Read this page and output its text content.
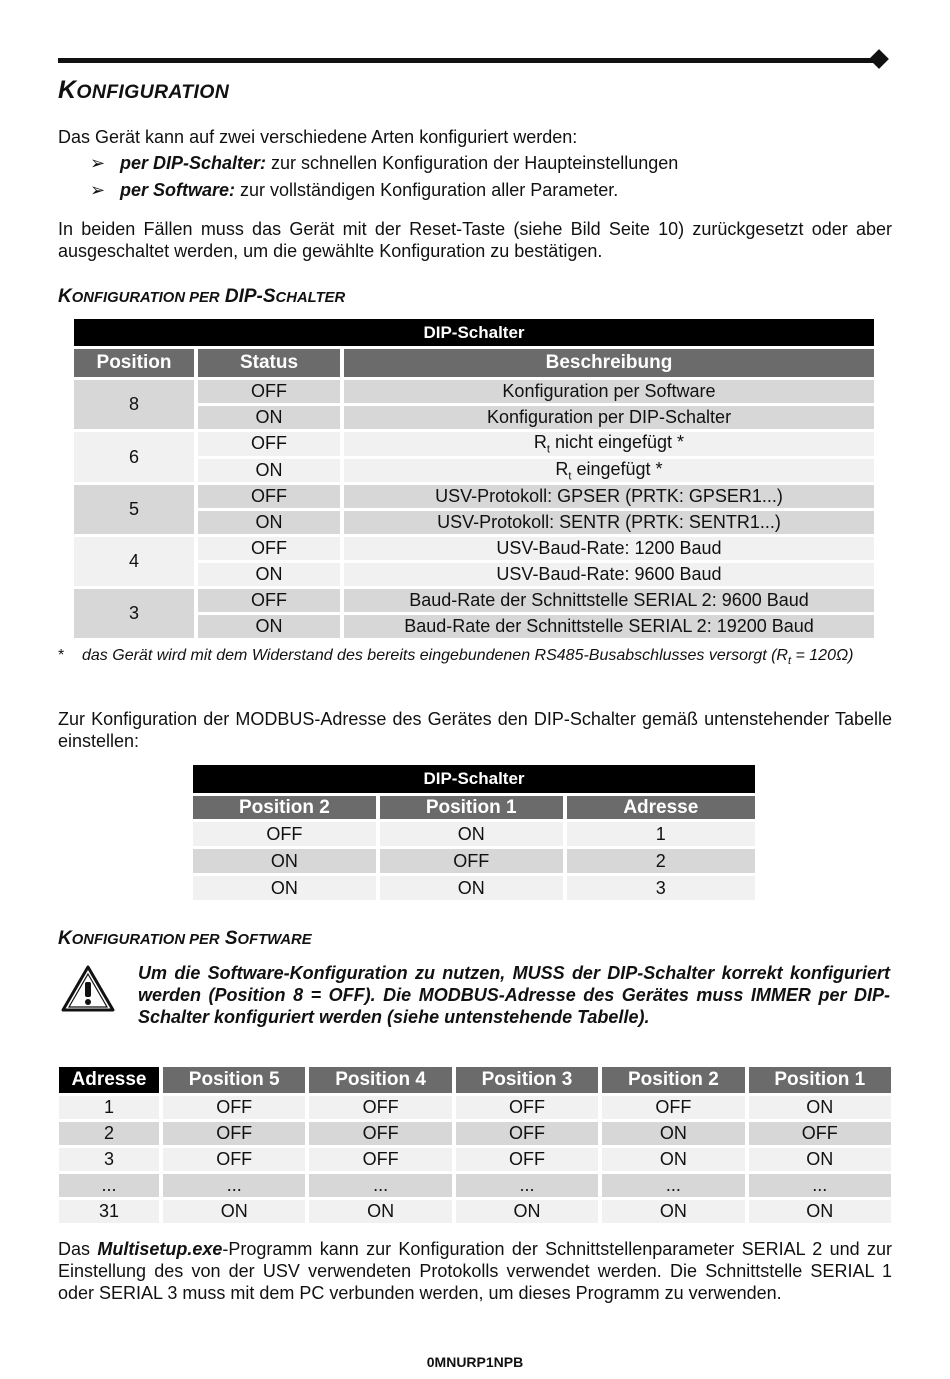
KONFIGURATION

Das Gerät kann auf zwei verschiedene Arten konfiguriert werden:

➢ per DIP-Schalter: zur schnellen Konfiguration der Haupteinstellungen
➢ per Software: zur vollständigen Konfiguration aller Parameter.

In beiden Fällen muss das Gerät mit der Reset-Taste (siehe Bild Seite 10) zurückgesetzt oder aber ausgeschaltet werden, um die gewählte Konfiguration zu bestätigen.

KONFIGURATION PER DIP-SCHALTER
DIP-Schalter		
Position	Status	Beschreibung
8	OFF	Konfiguration per Software
	ON	Konfiguration per DIP-Schalter
6	OFF	$R_t$ nicht eingefügt *
	ON	$R_t$ eingefügt *
5	OFF	USV-Protokoll: GPSER (PRTK: GPSER1...)
	ON	USV-Protokoll: SENTR (PRTK: SENTR1...)
4	OFF	USV-Baud-Rate: 1200 Baud
	ON	USV-Baud-Rate: 9600 Baud
3	OFF	Baud-Rate der Schnittstelle SERIAL 2: 9600 Baud
	ON	Baud-Rate der Schnittstelle SERIAL 2: 19200 Baud
* das Gerät wird mit dem Widerstand des bereits eingebundenen RS485-Busabschlusses versorgt $(R_t = 120\Omega)$

Zur Konfiguration der MODBUS-Adresse des Gerätes den DIP-Schalter gemäß untenstehender Tabelle einstellen:

DIP-Schalter		
Position 2	Position 1	Adresse
OFF	ON	1
ON	OFF	2
ON	ON	3
KONFIGURATION PER SOFTWARE
Um die Software-Konfiguration zu nutzen, MUSS der DIP-Schalter korrekt konfiguriert werden (Position 8 = OFF). Die MODBUS-Adresse des Gerätes muss IMMER per DIP-Schalter konfiguriert werden (siehe untenstehende Tabelle).
Adresse	Position 5	Position 4	Position 3	Position 2	Position 1
1	OFF	OFF	OFF	OFF	ON
2	OFF	OFF	OFF	ON	OFF
3	OFF	OFF	OFF	ON	ON
...	...	...	...	...	...
31	ON	ON	ON	ON	ON

Das Multisetup.exe-Programm kann zur Konfiguration der Schnittstellenparameter SERIAL 2 und zur Einstellung des von der USV verwendeten Protokolls verwendet werden. Die Schnittstelle SERIAL 1 oder SERIAL 3 muss mit dem PC verbunden werden, um dieses Programm zu verwenden.

0MNURP1NPB
